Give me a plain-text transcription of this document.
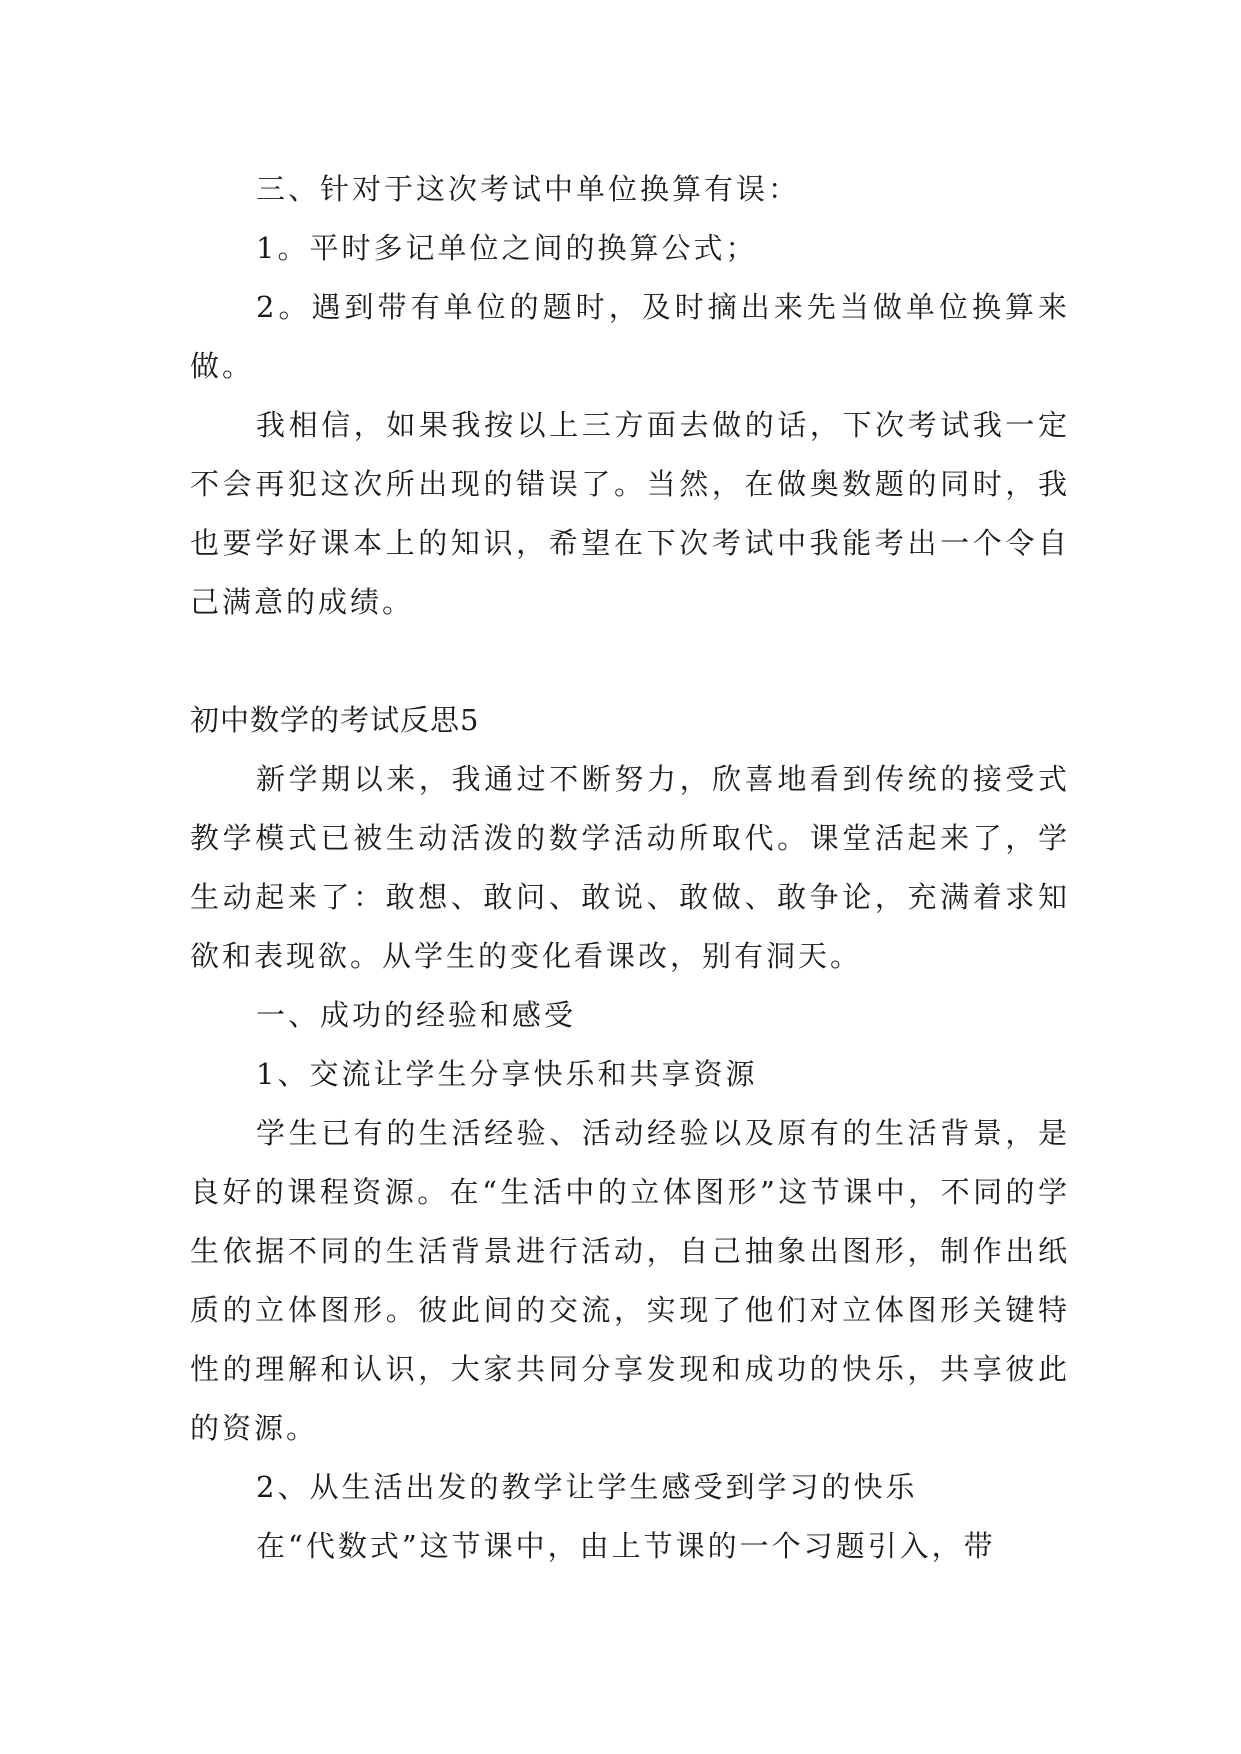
三、针对于这次考试中单位换算有误：

1。平时多记单位之间的换算公式；

2。遇到带有单位的题时，及时摘出来先当做单位换算来做。

我相信，如果我按以上三方面去做的话，下次考试我一定不会再犯这次所出现的错误了。当然，在做奥数题的同时，我也要学好课本上的知识，希望在下次考试中我能考出一个令自己满意的成绩。

初中数学的考试反思5

新学期以来，我通过不断努力，欣喜地看到传统的接受式教学模式已被生动活泼的数学活动所取代。课堂活起来了，学生动起来了：敢想、敢问、敢说、敢做、敢争论，充满着求知欲和表现欲。从学生的变化看课改，别有洞天。

一、成功的经验和感受

1、交流让学生分享快乐和共享资源

学生已有的生活经验、活动经验以及原有的生活背景，是良好的课程资源。在“生活中的立体图形”这节课中，不同的学生依据不同的生活背景进行活动，自己抽象出图形，制作出纸质的立体图形。彼此间的交流，实现了他们对立体图形关键特性的理解和认识，大家共同分享发现和成功的快乐，共享彼此的资源。

2、从生活出发的教学让学生感受到学习的快乐

在“代数式”这节课中，由上节课的一个习题引入，带
